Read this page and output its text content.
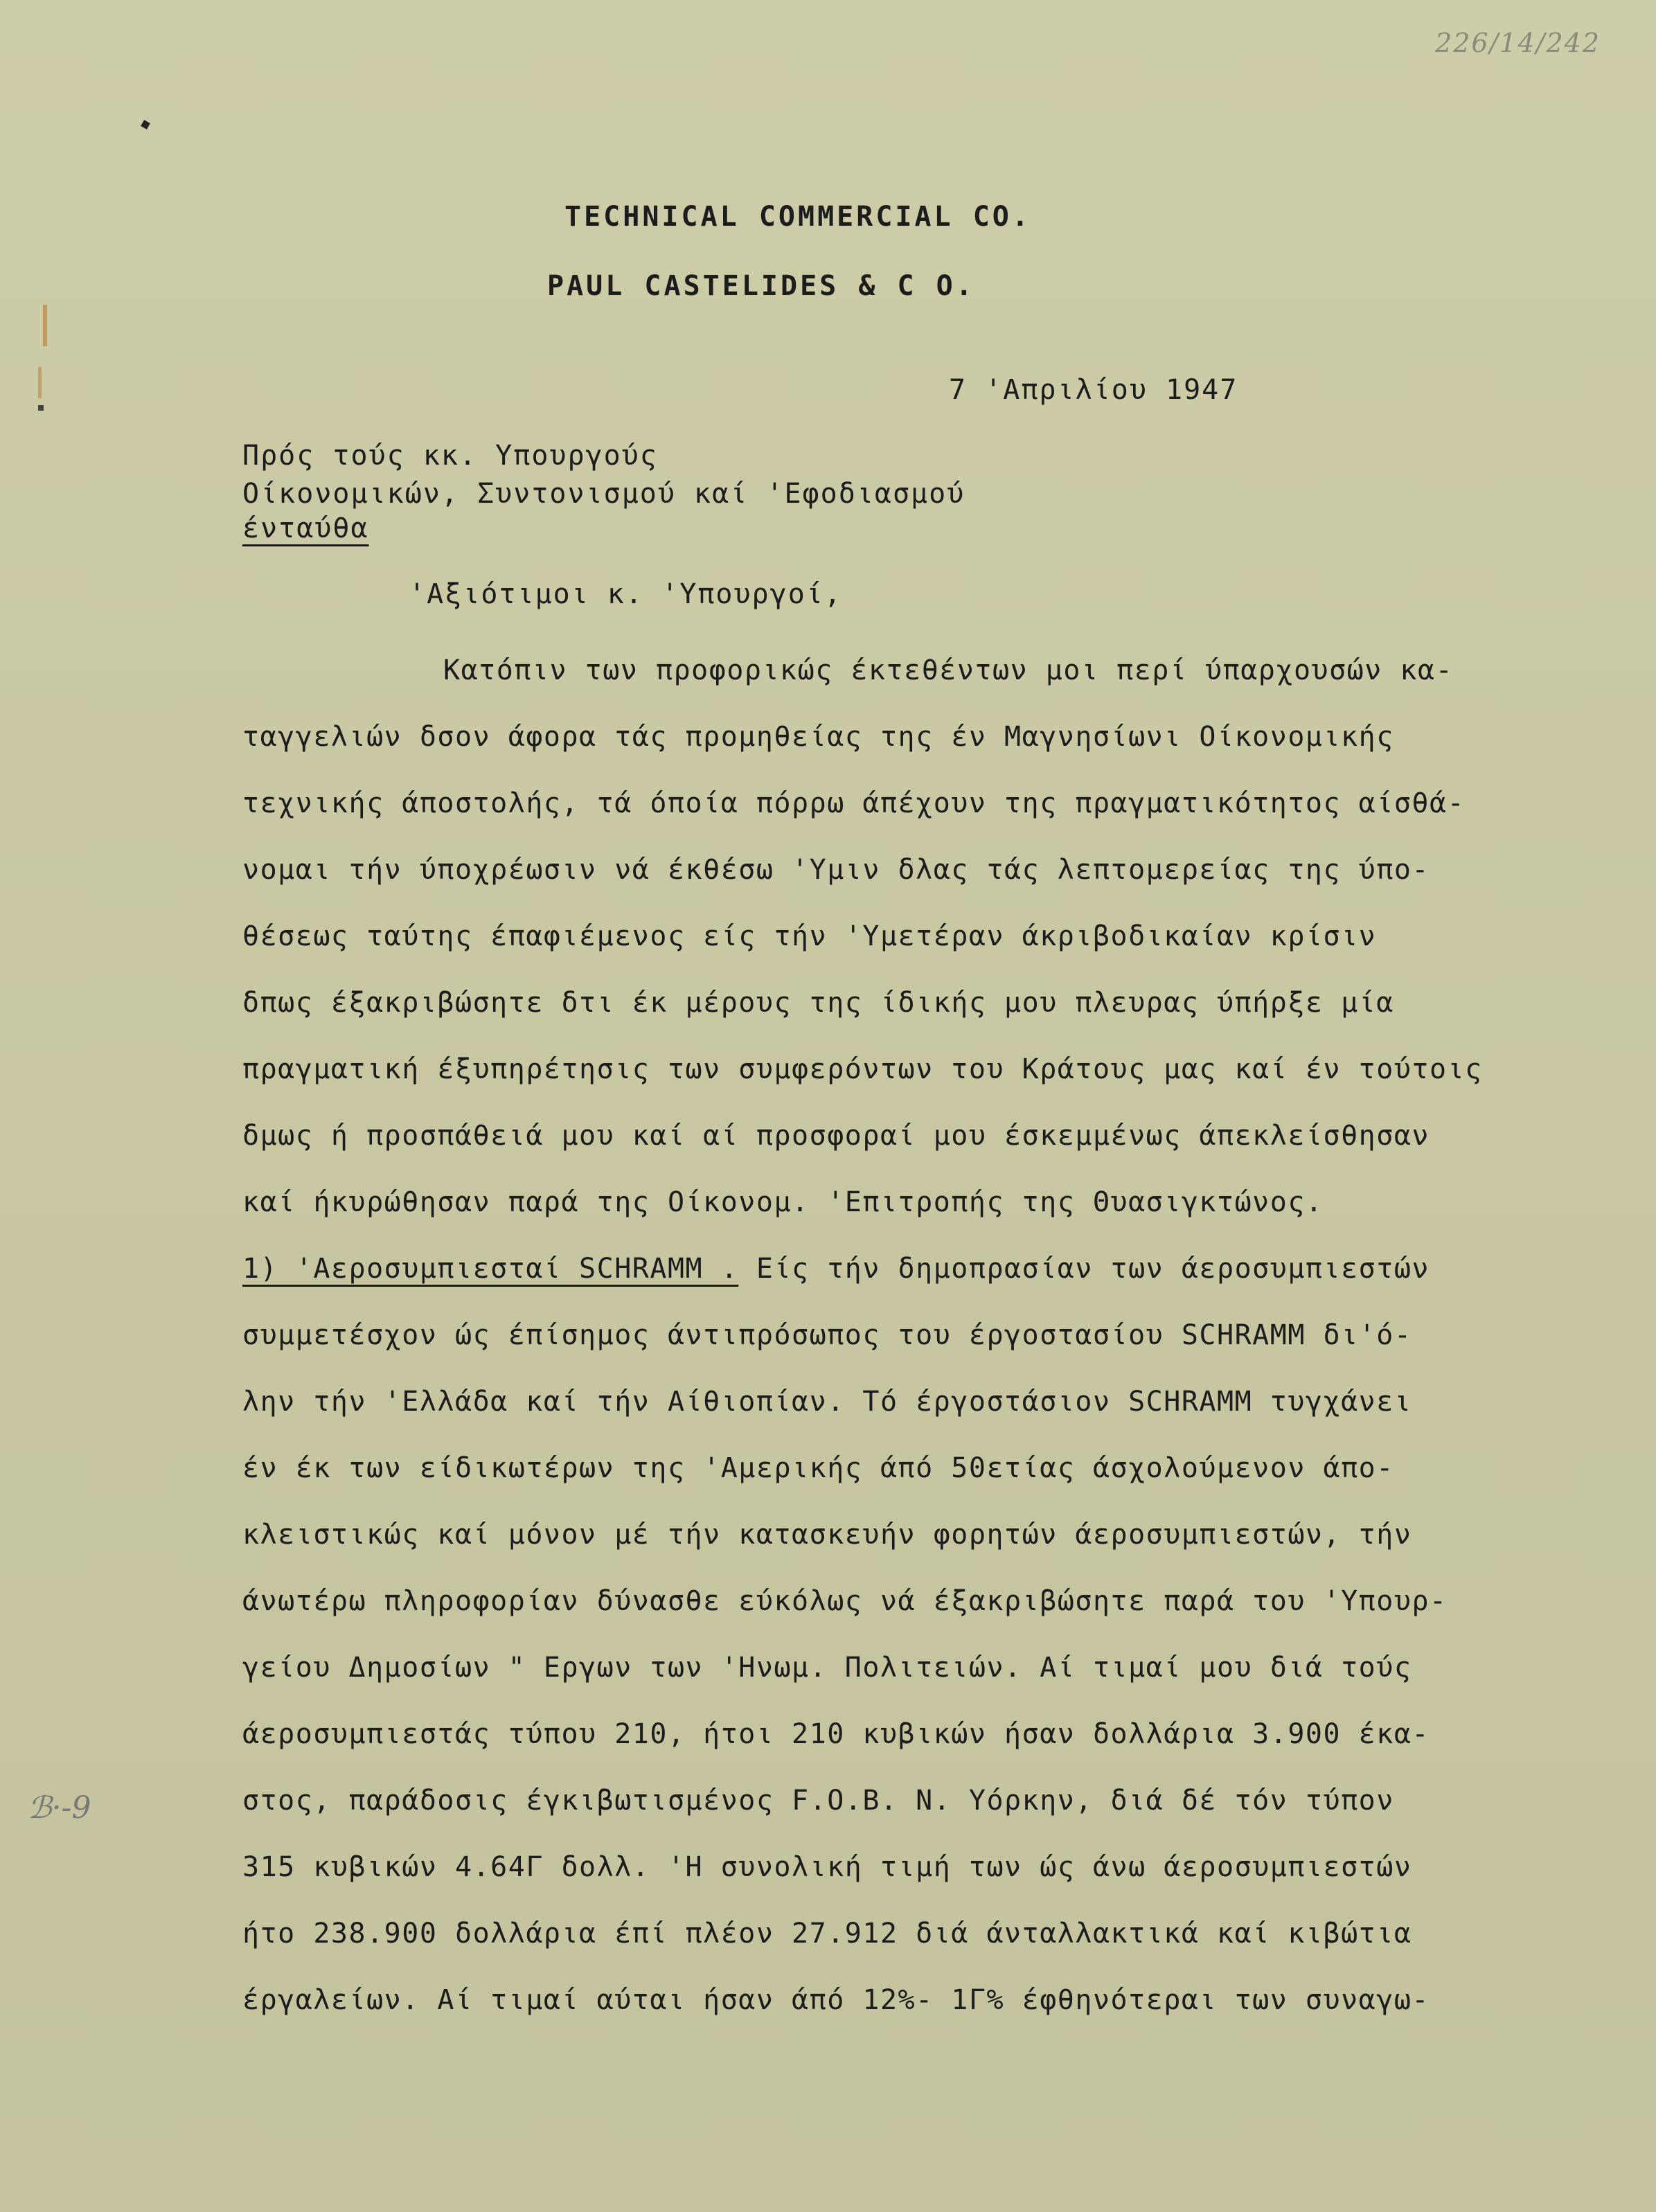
226/14/242
ℬ·-9
TECHNICAL COMMERCIAL CO.
PAUL CASTELIDES & C O.
7 'Απριλίου 1947
Πρός τούς κκ. Υπουργούς
Οίκονομικών, Συντονισμού καί 'Εφοδιασμού
ένταύθα
'Αξιότιμοι κ. 'Υπουργοί,
Κατόπιν των προφορικώς έκτεθέντων μοι περί ύπαρχουσών κα-
ταγγελιών δσον άφορα τάς προμηθείας της έν Μαγνησίωνι Οίκονομικής
τεχνικής άποστολής, τά όποία πόρρω άπέχουν της πραγματικότητος αίσθά-
νομαι τήν ύποχρέωσιν νά έκθέσω 'Υμιν δλας τάς λεπτομερείας της ύπο-
θέσεως ταύτης έπαφιέμενος είς τήν 'Υμετέραν άκριβοδικαίαν κρίσιν
δπως έξακριβώσητε δτι έκ μέρους της ίδικής μου πλευρας ύπήρξε μία
πραγματική έξυπηρέτησις των συμφερόντων του Κράτους μας καί έν τούτοις
δμως ή προσπάθειά μου καί αί προσφοραί μου έσκεμμένως άπεκλείσθησαν
καί ήκυρώθησαν παρά της Οίκονομ. 'Επιτροπής της Θυασιγκτώνος.
1) 'Αεροσυμπιεσταί SCHRAMM . Είς τήν δημοπρασίαν των άεροσυμπιεστών
συμμετέσχον ώς έπίσημος άντιπρόσωπος του έργοστασίου SCHRAMM δι'ό-
λην τήν 'Ελλάδα καί τήν Αίθιοπίαν. Τό έργοστάσιον SCHRAMM τυγχάνει
έν έκ των είδικωτέρων της 'Αμερικής άπό 50ετίας άσχολούμενον άπο-
κλειστικώς καί μόνον μέ τήν κατασκευήν φορητών άεροσυμπιεστών, τήν
άνωτέρω πληροφορίαν δύνασθε εύκόλως νά έξακριβώσητε παρά του 'Υπουρ-
γείου Δημοσίων " Εργων των 'Ηνωμ. Πολιτειών. Αί τιμαί μου διά τούς
άεροσυμπιεστάς τύπου 210, ήτοι 210 κυβικών ήσαν δολλάρια 3.900 έκα-
στος, παράδοσις έγκιβωτισμένος F.O.B. Ν. Υόρκην, διά δέ τόν τύπον
315 κυβικών 4.64Γ δολλ. 'Η συνολική τιμή των ώς άνω άεροσυμπιεστών
ήτο 238.900 δολλάρια έπί πλέον 27.912 διά άνταλλακτικά καί κιβώτια
έργαλείων. Αί τιμαί αύται ήσαν άπό 12%- 1Γ% έφθηνότεραι των συναγω-
